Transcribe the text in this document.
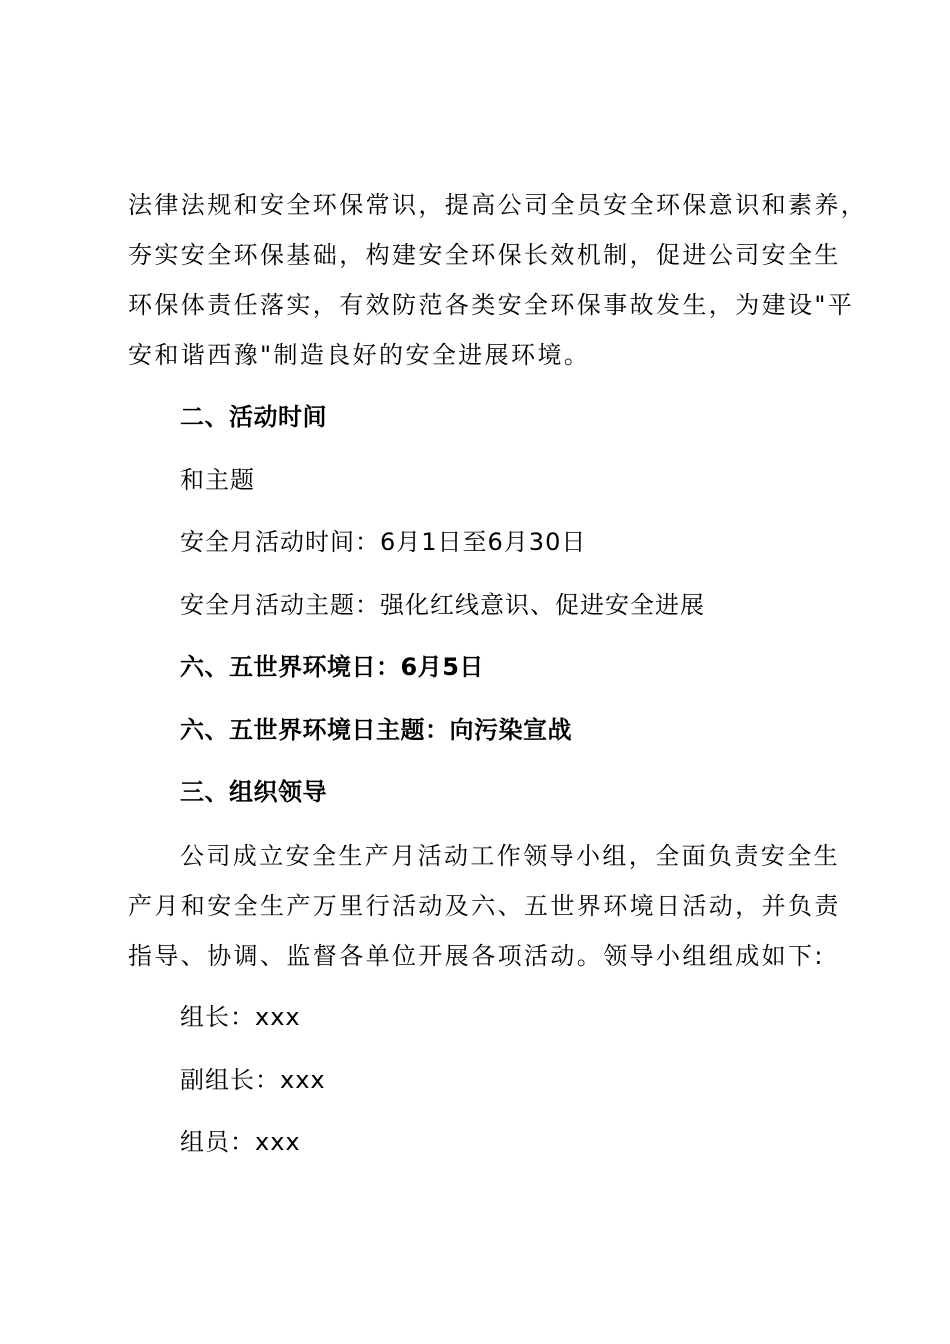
法律法规和安全环保常识，提高公司全员安全环保意识和素养，
夯实安全环保基础，构建安全环保长效机制，促进公司安全生
环保体责任落实，有效防范各类安全环保事故发生，为建设"平
安和谐西豫"制造良好的安全进展环境。
二、活动时间
和主题
安全月活动时间：6月1日至6月30日
安全月活动主题：强化红线意识、促进安全进展
六、五世界环境日：6月5日
六、五世界环境日主题：向污染宣战
三、组织领导
公司成立安全生产月活动工作领导小组，全面负责安全生
产月和安全生产万里行活动及六、五世界环境日活动，并负责
指导、协调、监督各单位开展各项活动。领导小组组成如下:
组长：xxx
副组长：xxx
组员：xxx
